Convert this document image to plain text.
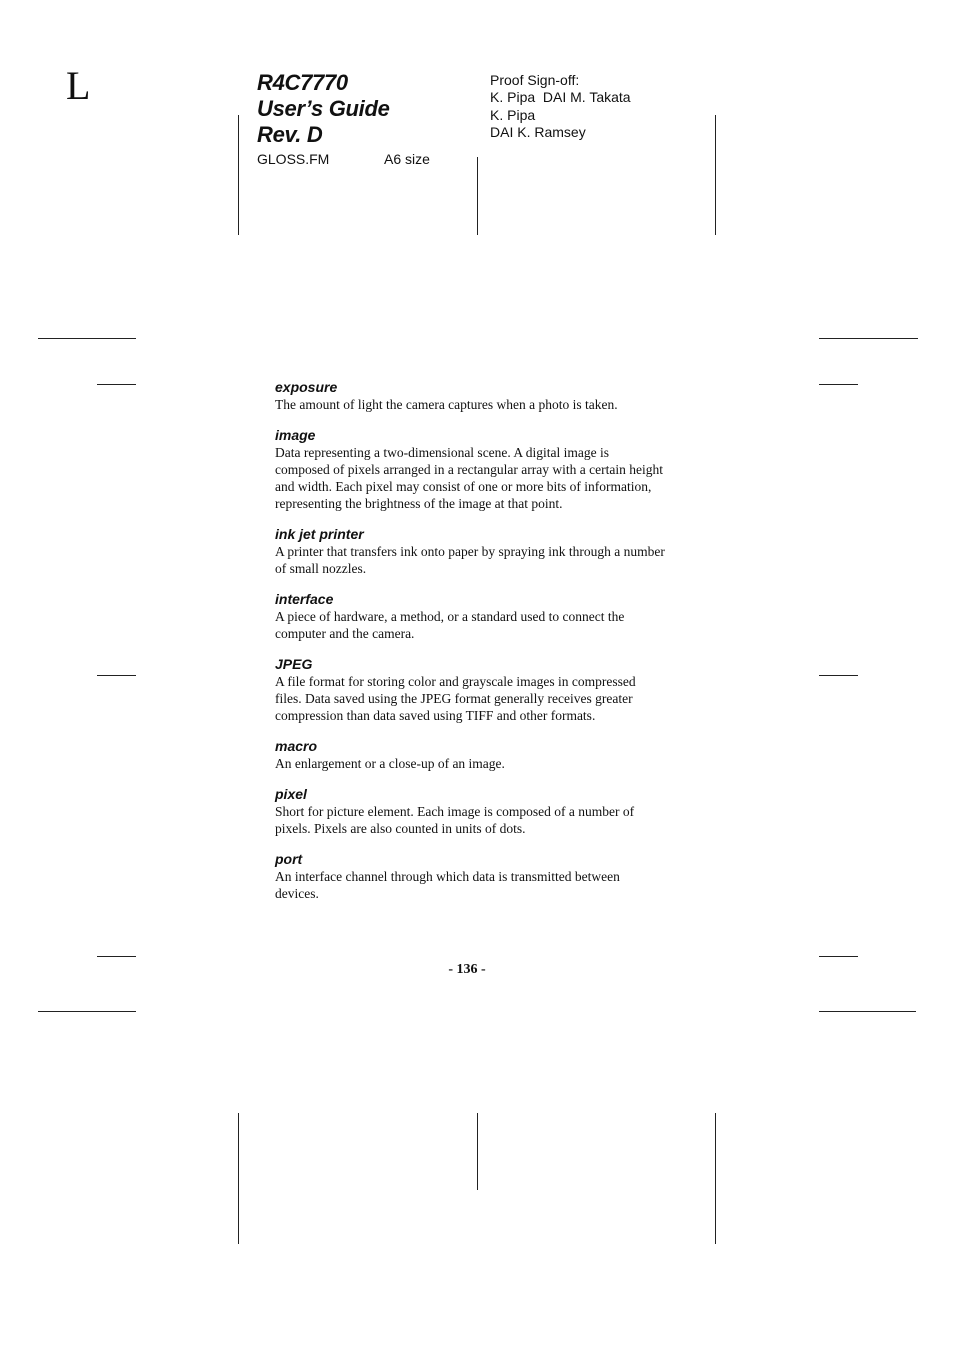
L	R4C7770
User’s Guide
Rev. D
GLOSS.FM	A6 size
Proof Sign-off:
K. Pipa  DAI M. Takata
K. Pipa
DAI K. Ramsey
exposure

The amount of light the camera captures when a photo is taken.

image

Data representing a two-dimensional scene. A digital image is composed of pixels arranged in a rectangular array with a certain height and width. Each pixel may consist of one or more bits of information, representing the brightness of the image at that point.

ink jet printer

A printer that transfers ink onto paper by spraying ink through a number of small nozzles.

interface

A piece of hardware, a method, or a standard used to connect the computer and the camera.

JPEG

A file format for storing color and grayscale images in compressed files. Data saved using the JPEG format generally receives greater compression than data saved using TIFF and other formats.

macro

An enlargement or a close-up of an image.

pixel

Short for picture element. Each image is composed of a number of pixels. Pixels are also counted in units of dots.

port

An interface channel through which data is transmitted between devices.

- 136 -
